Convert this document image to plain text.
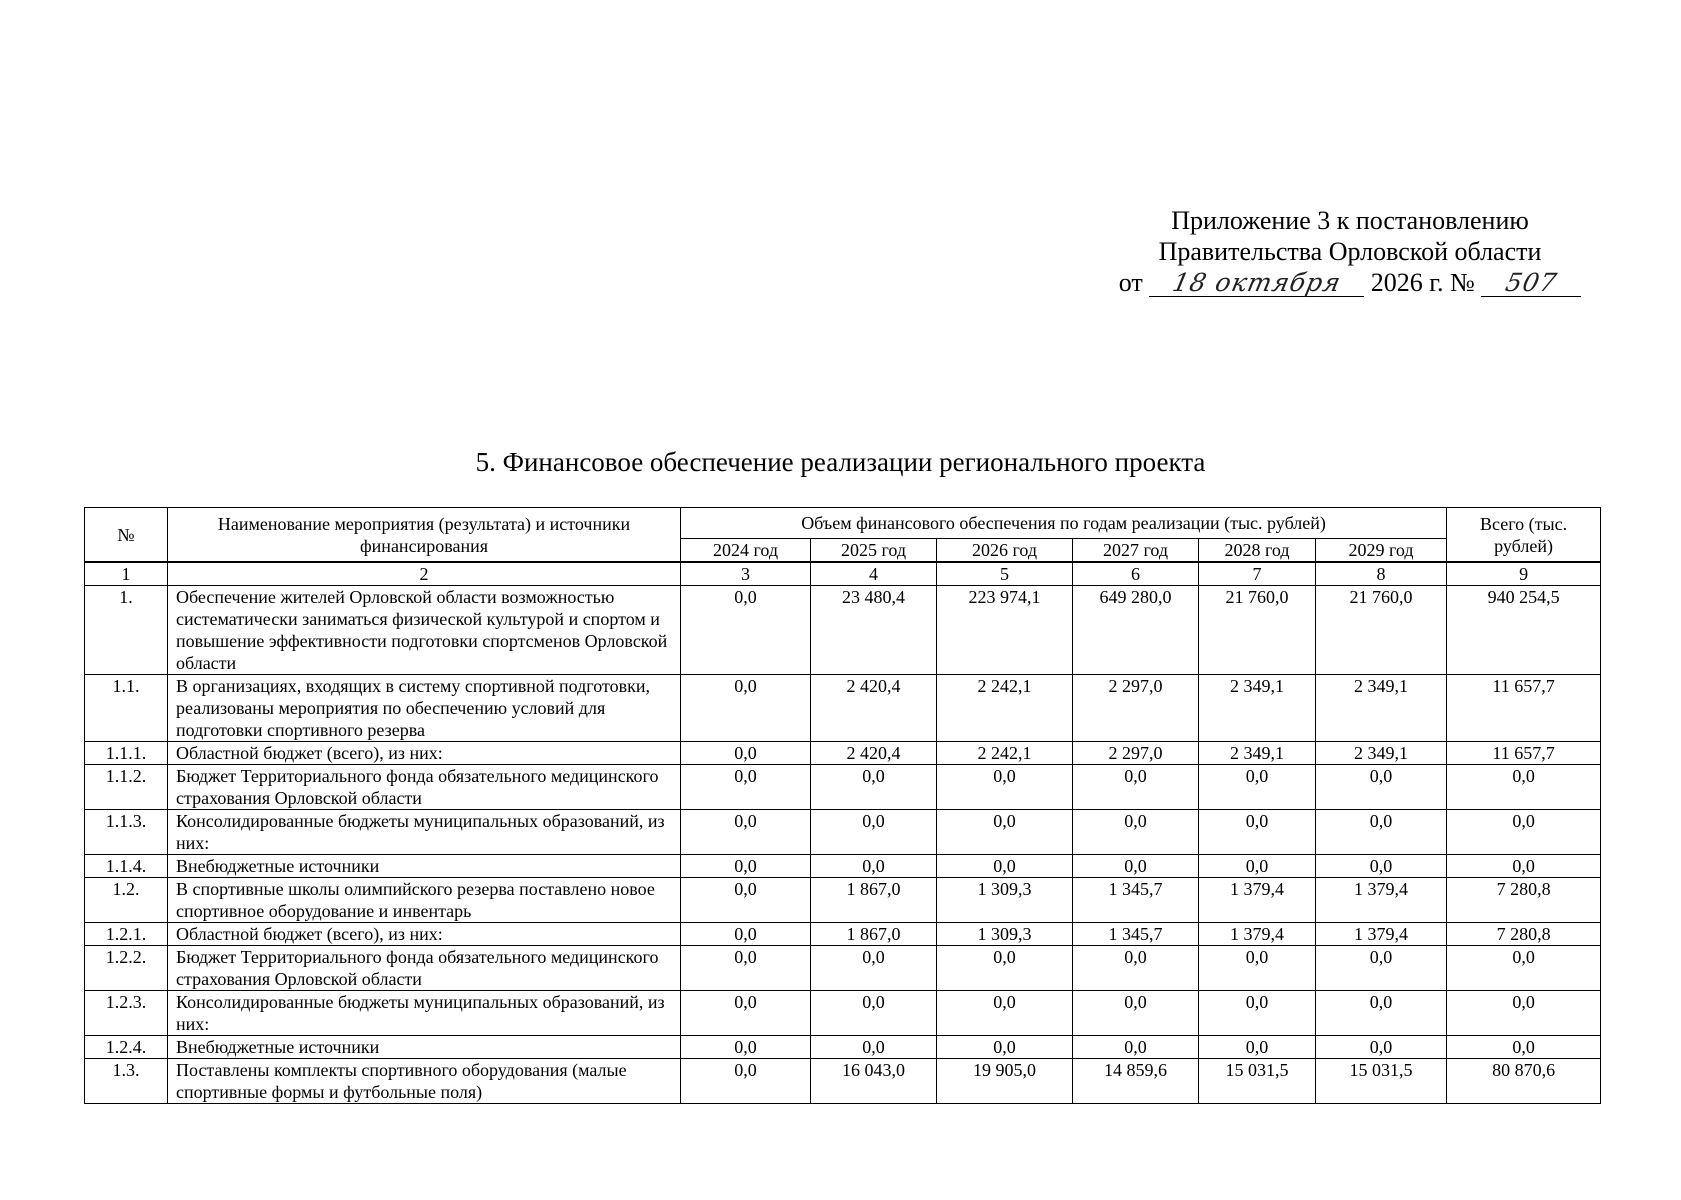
Приложение 3 к постановлению
Правительства Орловской области
от 18 октября 2026 г. № 507
5. Финансовое обеспечение реализации регионального проекта
№	Наименование мероприятия (результата) и источники финансирования	Объем финансового обеспечения по годам реализации (тыс. рублей)						Всего (тыс. рублей)
		2024 год	2025 год	2026 год	2027 год	2028 год	2029 год	
1	2	3	4	5	6	7	8	9
1.	Обеспечение жителей Орловской области возможностью систематически заниматься физической культурой и спортом и повышение эффективности подготовки спортсменов Орловской области	0,0	23 480,4	223 974,1	649 280,0	21 760,0	21 760,0	940 254,5
1.1.	В организациях, входящих в систему спортивной подготовки, реализованы мероприятия по обеспечению условий для подготовки спортивного резерва	0,0	2 420,4	2 242,1	2 297,0	2 349,1	2 349,1	11 657,7
1.1.1.	Областной бюджет (всего), из них:	0,0	2 420,4	2 242,1	2 297,0	2 349,1	2 349,1	11 657,7
1.1.2.	Бюджет Территориального фонда обязательного медицинского страхования Орловской области	0,0	0,0	0,0	0,0	0,0	0,0	0,0
1.1.3.	Консолидированные бюджеты муниципальных образований, из них:	0,0	0,0	0,0	0,0	0,0	0,0	0,0
1.1.4.	Внебюджетные источники	0,0	0,0	0,0	0,0	0,0	0,0	0,0
1.2.	В спортивные школы олимпийского резерва поставлено новое спортивное оборудование и инвентарь	0,0	1 867,0	1 309,3	1 345,7	1 379,4	1 379,4	7 280,8
1.2.1.	Областной бюджет (всего), из них:	0,0	1 867,0	1 309,3	1 345,7	1 379,4	1 379,4	7 280,8
1.2.2.	Бюджет Территориального фонда обязательного медицинского страхования Орловской области	0,0	0,0	0,0	0,0	0,0	0,0	0,0
1.2.3.	Консолидированные бюджеты муниципальных образований, из них:	0,0	0,0	0,0	0,0	0,0	0,0	0,0
1.2.4.	Внебюджетные источники	0,0	0,0	0,0	0,0	0,0	0,0	0,0
1.3.	Поставлены комплекты спортивного оборудования (малые спортивные формы и футбольные поля)	0,0	16 043,0	19 905,0	14 859,6	15 031,5	15 031,5	80 870,6
